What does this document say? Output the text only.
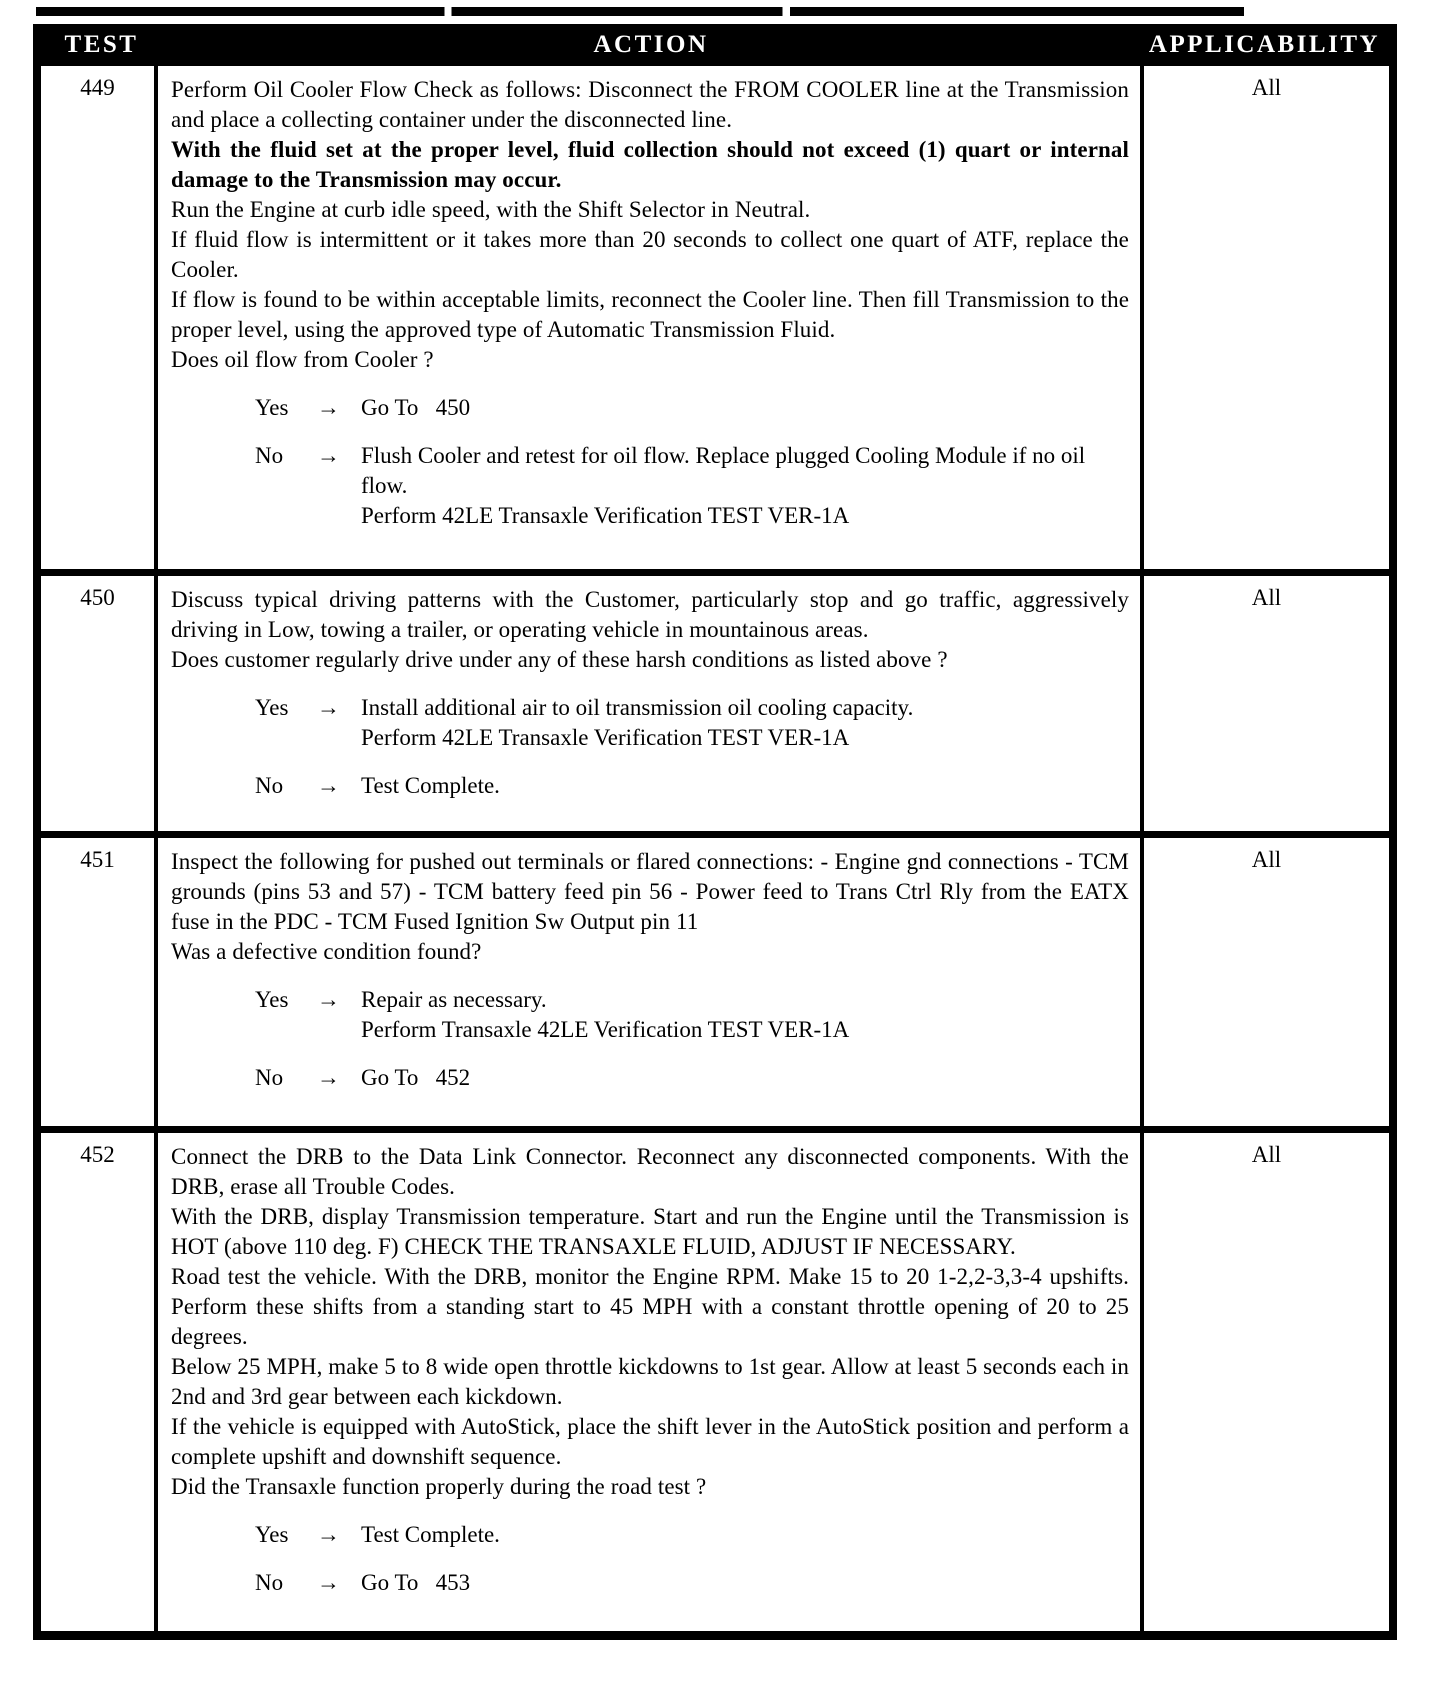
TEST	ACTION	APPLICABILITY
449	Perform Oil Cooler Flow Check as follows: Disconnect the FROM COOLER line at the Transmission and place a collecting container under the disconnected line.

With the fluid set at the proper level, fluid collection should not exceed (1) quart or internal damage to the Transmission may occur.

Run the Engine at curb idle speed, with the Shift Selector in Neutral.

If fluid flow is intermittent or it takes more than 20 seconds to collect one quart of ATF, replace the Cooler.

If flow is found to be within acceptable limits, reconnect the Cooler line. Then fill Transmission to the proper level, using the approved type of Automatic Transmission Fluid.

Does oil flow from Cooler ?

Yes	→ Go To   450
No	→ Flush Cooler and retest for oil flow. Replace plugged Cooling Module if no oil flow.
Perform 42LE Transaxle Verification TEST VER-1A
All
450	Discuss typical driving patterns with the Customer, particularly stop and go traffic, aggressively driving in Low, towing a trailer, or operating vehicle in mountainous areas.

Does customer regularly drive under any of these harsh conditions as listed above ?

Yes	→ Install additional air to oil transmission oil cooling capacity.
Perform 42LE Transaxle Verification TEST VER-1A
No	→ Test Complete.
All
451	Inspect the following for pushed out terminals or flared connections: - Engine gnd connections - TCM grounds (pins 53 and 57) - TCM battery feed pin 56 - Power feed to Trans Ctrl Rly from the EATX fuse in the PDC - TCM Fused Ignition Sw Output pin 11

Was a defective condition found?

Yes	→ Repair as necessary.
Perform Transaxle 42LE Verification TEST VER-1A
No	→ Go To   452
All
452	Connect the DRB to the Data Link Connector. Reconnect any disconnected components. With the DRB, erase all Trouble Codes.

With the DRB, display Transmission temperature. Start and run the Engine until the Transmission is HOT (above 110 deg. F) CHECK THE TRANSAXLE FLUID, ADJUST IF NECESSARY.

Road test the vehicle. With the DRB, monitor the Engine RPM. Make 15 to 20 1-2,2-3,3-4 upshifts. Perform these shifts from a standing start to 45 MPH with a constant throttle opening of 20 to 25 degrees.

Below 25 MPH, make 5 to 8 wide open throttle kickdowns to 1st gear. Allow at least 5 seconds each in 2nd and 3rd gear between each kickdown.

If the vehicle is equipped with AutoStick, place the shift lever in the AutoStick position and perform a complete upshift and downshift sequence.

Did the Transaxle function properly during the road test ?

Yes	→ Test Complete.
No	→ Go To   453
All
